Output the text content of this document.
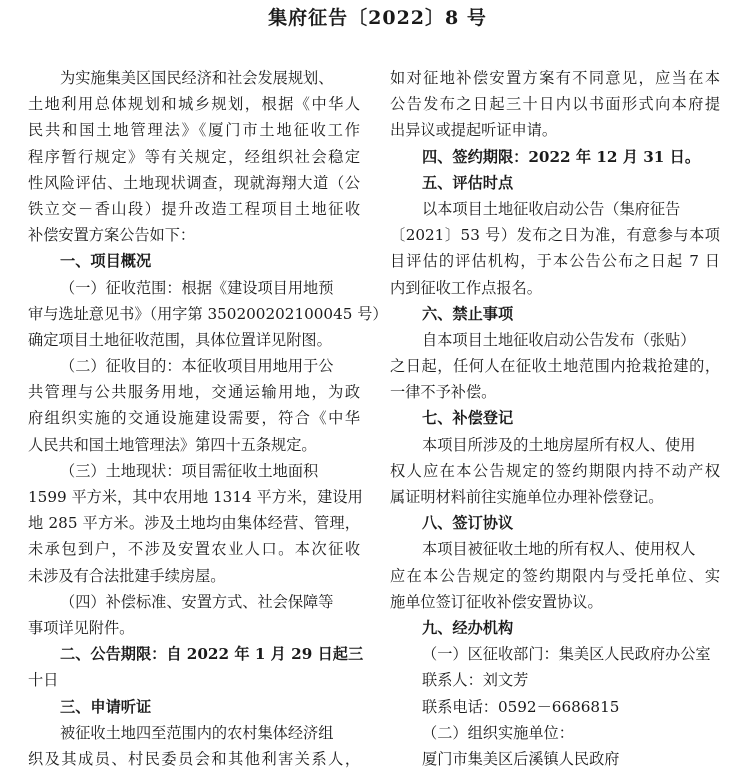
集府征告〔2022〕8 号
为实施集美区国民经济和社会发展规划、
土地利用总体规划和城乡规划，根据《中华人
民共和国土地管理法》《厦门市土地征收工作
程序暂行规定》等有关规定，经组织社会稳定
性风险评估、土地现状调查，现就海翔大道（公
铁立交－香山段）提升改造工程项目土地征收
补偿安置方案公告如下：
一、项目概况
（一）征收范围：根据《建设项目用地预
审与选址意见书》（用字第 350200202100045 号）
确定项目土地征收范围，具体位置详见附图。
（二）征收目的：本征收项目用地用于公
共管理与公共服务用地，交通运输用地，为政
府组织实施的交通设施建设需要，符合《中华
人民共和国土地管理法》第四十五条规定。
（三）土地现状：项目需征收土地面积
1599 平方米，其中农用地 1314 平方米，建设用
地 285 平方米。涉及土地均由集体经营、管理，
未承包到户，不涉及安置农业人口。本次征收
未涉及有合法批建手续房屋。
（四）补偿标准、安置方式、社会保障等
事项详见附件。
二、公告期限：自 2022 年 1 月 29 日起三
十日
三、申请听证
被征收土地四至范围内的农村集体经济组
织及其成员、村民委员会和其他利害关系人，
如对征地补偿安置方案有不同意见，应当在本
公告发布之日起三十日内以书面形式向本府提
出异议或提起听证申请。
四、签约期限：2022 年 12 月 31 日。
五、评估时点
以本项目土地征收启动公告（集府征告
〔2021〕53 号）发布之日为准，有意参与本项
目评估的评估机构，于本公告公布之日起 7 日
内到征收工作点报名。
六、禁止事项
自本项目土地征收启动公告发布（张贴）
之日起，任何人在征收土地范围内抢栽抢建的，
一律不予补偿。
七、补偿登记
本项目所涉及的土地房屋所有权人、使用
权人应在本公告规定的签约期限内持不动产权
属证明材料前往实施单位办理补偿登记。
八、签订协议
本项目被征收土地的所有权人、使用权人
应在本公告规定的签约期限内与受托单位、实
施单位签订征收补偿安置协议。
九、经办机构
（一）区征收部门：集美区人民政府办公室
联系人：刘文芳
联系电话：0592－6686815
（二）组织实施单位：
厦门市集美区后溪镇人民政府
